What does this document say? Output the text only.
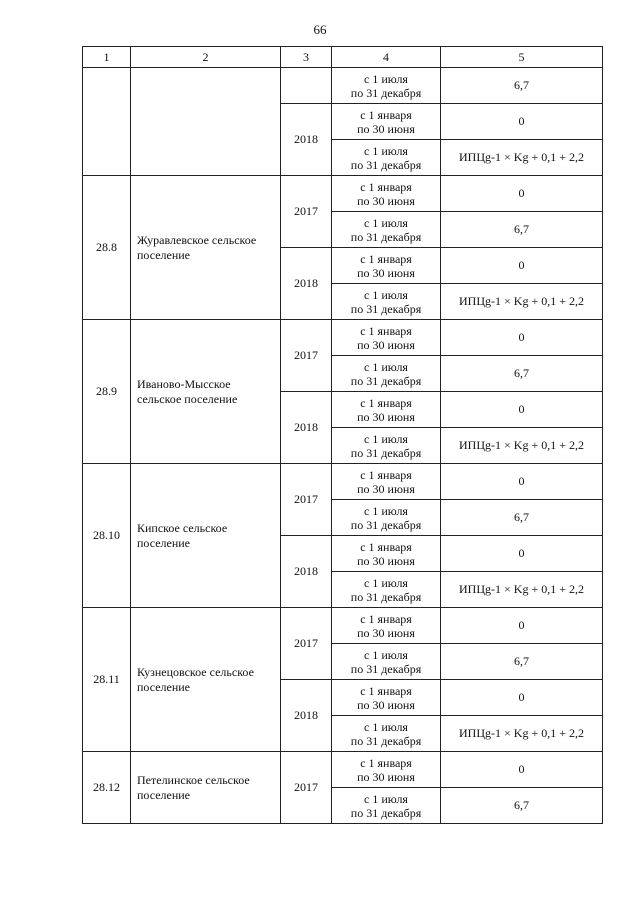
66
1	2	3	4	5

			с 1 июля
по 31 декабря	6,7
		2018	с 1 января
по 30 июня	0

			с 1 июля
по 31 декабря	ИПЦg-1 × Kg + 0,1 + 2,2
28.8	Журавлевское сельское поселение	2017	с 1 января
по 30 июня	0

			с 1 июля
по 31 декабря	6,7
		2018	с 1 января
по 30 июня	0

			с 1 июля
по 31 декабря	ИПЦg-1 × Kg + 0,1 + 2,2
28.9	Иваново-Мысское сельское поселение	2017	с 1 января
по 30 июня	0

			с 1 июля
по 31 декабря	6,7
		2018	с 1 января
по 30 июня	0

			с 1 июля
по 31 декабря	ИПЦg-1 × Kg + 0,1 + 2,2
28.10	Кипское сельское поселение	2017	с 1 января
по 30 июня	0

			с 1 июля
по 31 декабря	6,7
		2018	с 1 января
по 30 июня	0

			с 1 июля
по 31 декабря	ИПЦg-1 × Kg + 0,1 + 2,2
28.11	Кузнецовское сельское поселение	2017	с 1 января
по 30 июня	0

			с 1 июля
по 31 декабря	6,7
		2018	с 1 января
по 30 июня	0

			с 1 июля
по 31 декабря	ИПЦg-1 × Kg + 0,1 + 2,2
28.12	Петелинское сельское поселение	2017	с 1 января
по 30 июня	0

			с 1 июля
по 31 декабря	6,7
